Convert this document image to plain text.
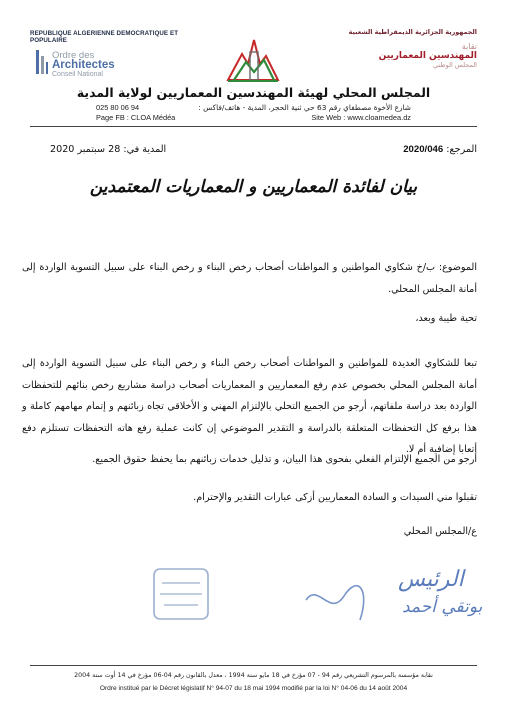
REPUBLIQUE ALGERIENNE DEMOCRATIQUE ET POPULAIRE
Ordre des
Architectes
Conseil National
الجمهورية الجزائرية الديمقراطية الشعبية
نقابة
المهندسين المعماريين
المجلس الوطني
المجلس المحلي لهيئة المهندسين المعماريين لولاية المدية
025 80 06 94	شارع الأخوة مصطفاي رقم 63 حي ثنية الحجر، المدية - هاتف/فاكس :
Page FB : CLOA Médéa	Site Web : www.cloamedea.dz
المرجع: 2020/046
المدية في: 28 سبتمبر 2020
بيان لفائدة المعماريين و المعماريات المعتمدين
الموضوع: ب/خ شكاوي المواطنين و المواطنات أصحاب رخص البناء و رخص البناء على سبيل التسوية الواردة إلى أمانة المجلس المحلي.
تحية طيبة وبعد،
تبعا للشكاوي العديدة للمواطنين و المواطنات أصحاب رخص البناء و رخص البناء على سبيل التسوية الواردة إلى أمانة المجلس المحلي بخصوص عدم رفع المعماريين و المعماريات أصحاب دراسة مشاريع رخص بنائهم للتحفظات الواردة بعد دراسة ملفاتهم، أرجو من الجميع التحلي بالإلتزام المهني و الأخلاقي تجاه زبائنهم و إتمام مهامهم كاملة و هذا برفع كل التحفظات المتعلقة بالدراسة و التقدير الموضوعي إن كانت عملية رفع هاته التحفظات تستلزم دفع أتعابا إضافية أم لا.
أرجو من الجميع الإلتزام الفعلي بفحوى هذا البيان، و تذليل خدمات زبائنهم بما يحفظ حقوق الجميع.
تقبلوا مني السيدات و السادة المعماريين أزكى عبارات التقدير والإحترام.
ع/المجلس المحلي
الرئيس
بوتقي أحمد
نقابة مؤسسة بالمرسوم التشريعي رقم 94 - 07 مؤرخ في 18 مايو سنة 1994 ، معدل بالقانون رقم 04-06 مؤرخ في 14 أوت سنة 2004
Ordre institué par le Décret législatif N° 94-07 du 18 mai 1994 modifié par la loi N° 04-06 du 14 août 2004
